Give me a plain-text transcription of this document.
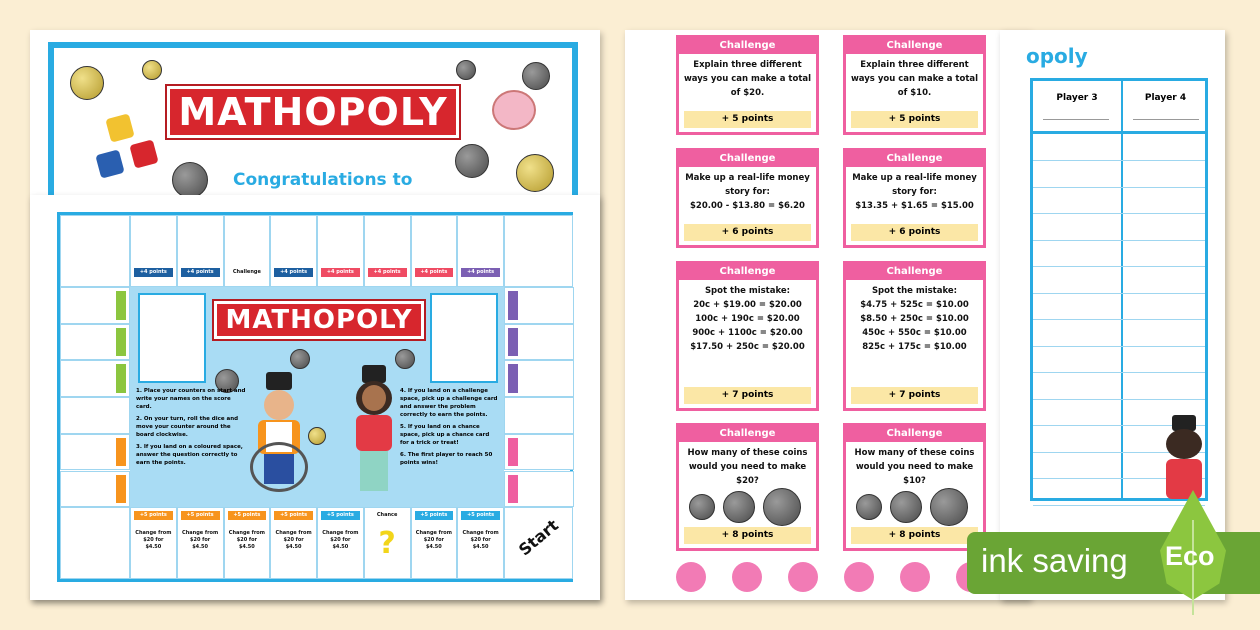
MATHOPOLY
Congratulations to
Start
+4 points	+4 points	Challenge	+4 points	+4 points	+4 points	+4 points	+4 points
Change from $20 for $4.50
+5 points
Change from $20 for $4.50
+5 points
Change from $20 for $4.50
+5 points
Change from $20 for $4.50
+5 points
Change from $20 for $4.50
+5 points
?
Chance
Change from $20 for $4.50
+5 points
Change from $20 for $4.50
+5 points
MATHOPOLY

1. Place your counters on start and write your names on the score card.

2. On your turn, roll the dice and move your counter around the board clockwise.

3. If you land on a coloured space, answer the question correctly to earn the points.

4. If you land on a challenge space, pick up a challenge card and answer the problem correctly to earn the points.

5. If you land on a chance space, pick up a chance card for a trick or treat!

6. The first player to reach 50 points wins!

Challenge
Explain three different ways you can make a total of $20.
+ 5 points
Challenge
Explain three different ways you can make a total of $10.
+ 5 points
Challenge
Make up a real-life money story for:
$20.00 - $13.80 = $6.20
+ 6 points
Challenge
Make up a real-life money story for:
$13.35 + $1.65 = $15.00
+ 6 points
Challenge
Spot the mistake:
20c + $19.00 = $20.00
100c + 190c = $20.00
900c + 1100c = $20.00
$17.50 + 250c = $20.00
+ 7 points
Challenge
Spot the mistake:
$4.75 + 525c = $10.00
$8.50 + 250c = $10.00
450c + 550c = $10.00
825c + 175c = $10.00
+ 7 points
Challenge
How many of these coins would you need to make $20?
+ 8 points
Challenge
How many of these coins would you need to make $10?
+ 8 points
opoly
Player 3	Player 4
ink saving Eco
